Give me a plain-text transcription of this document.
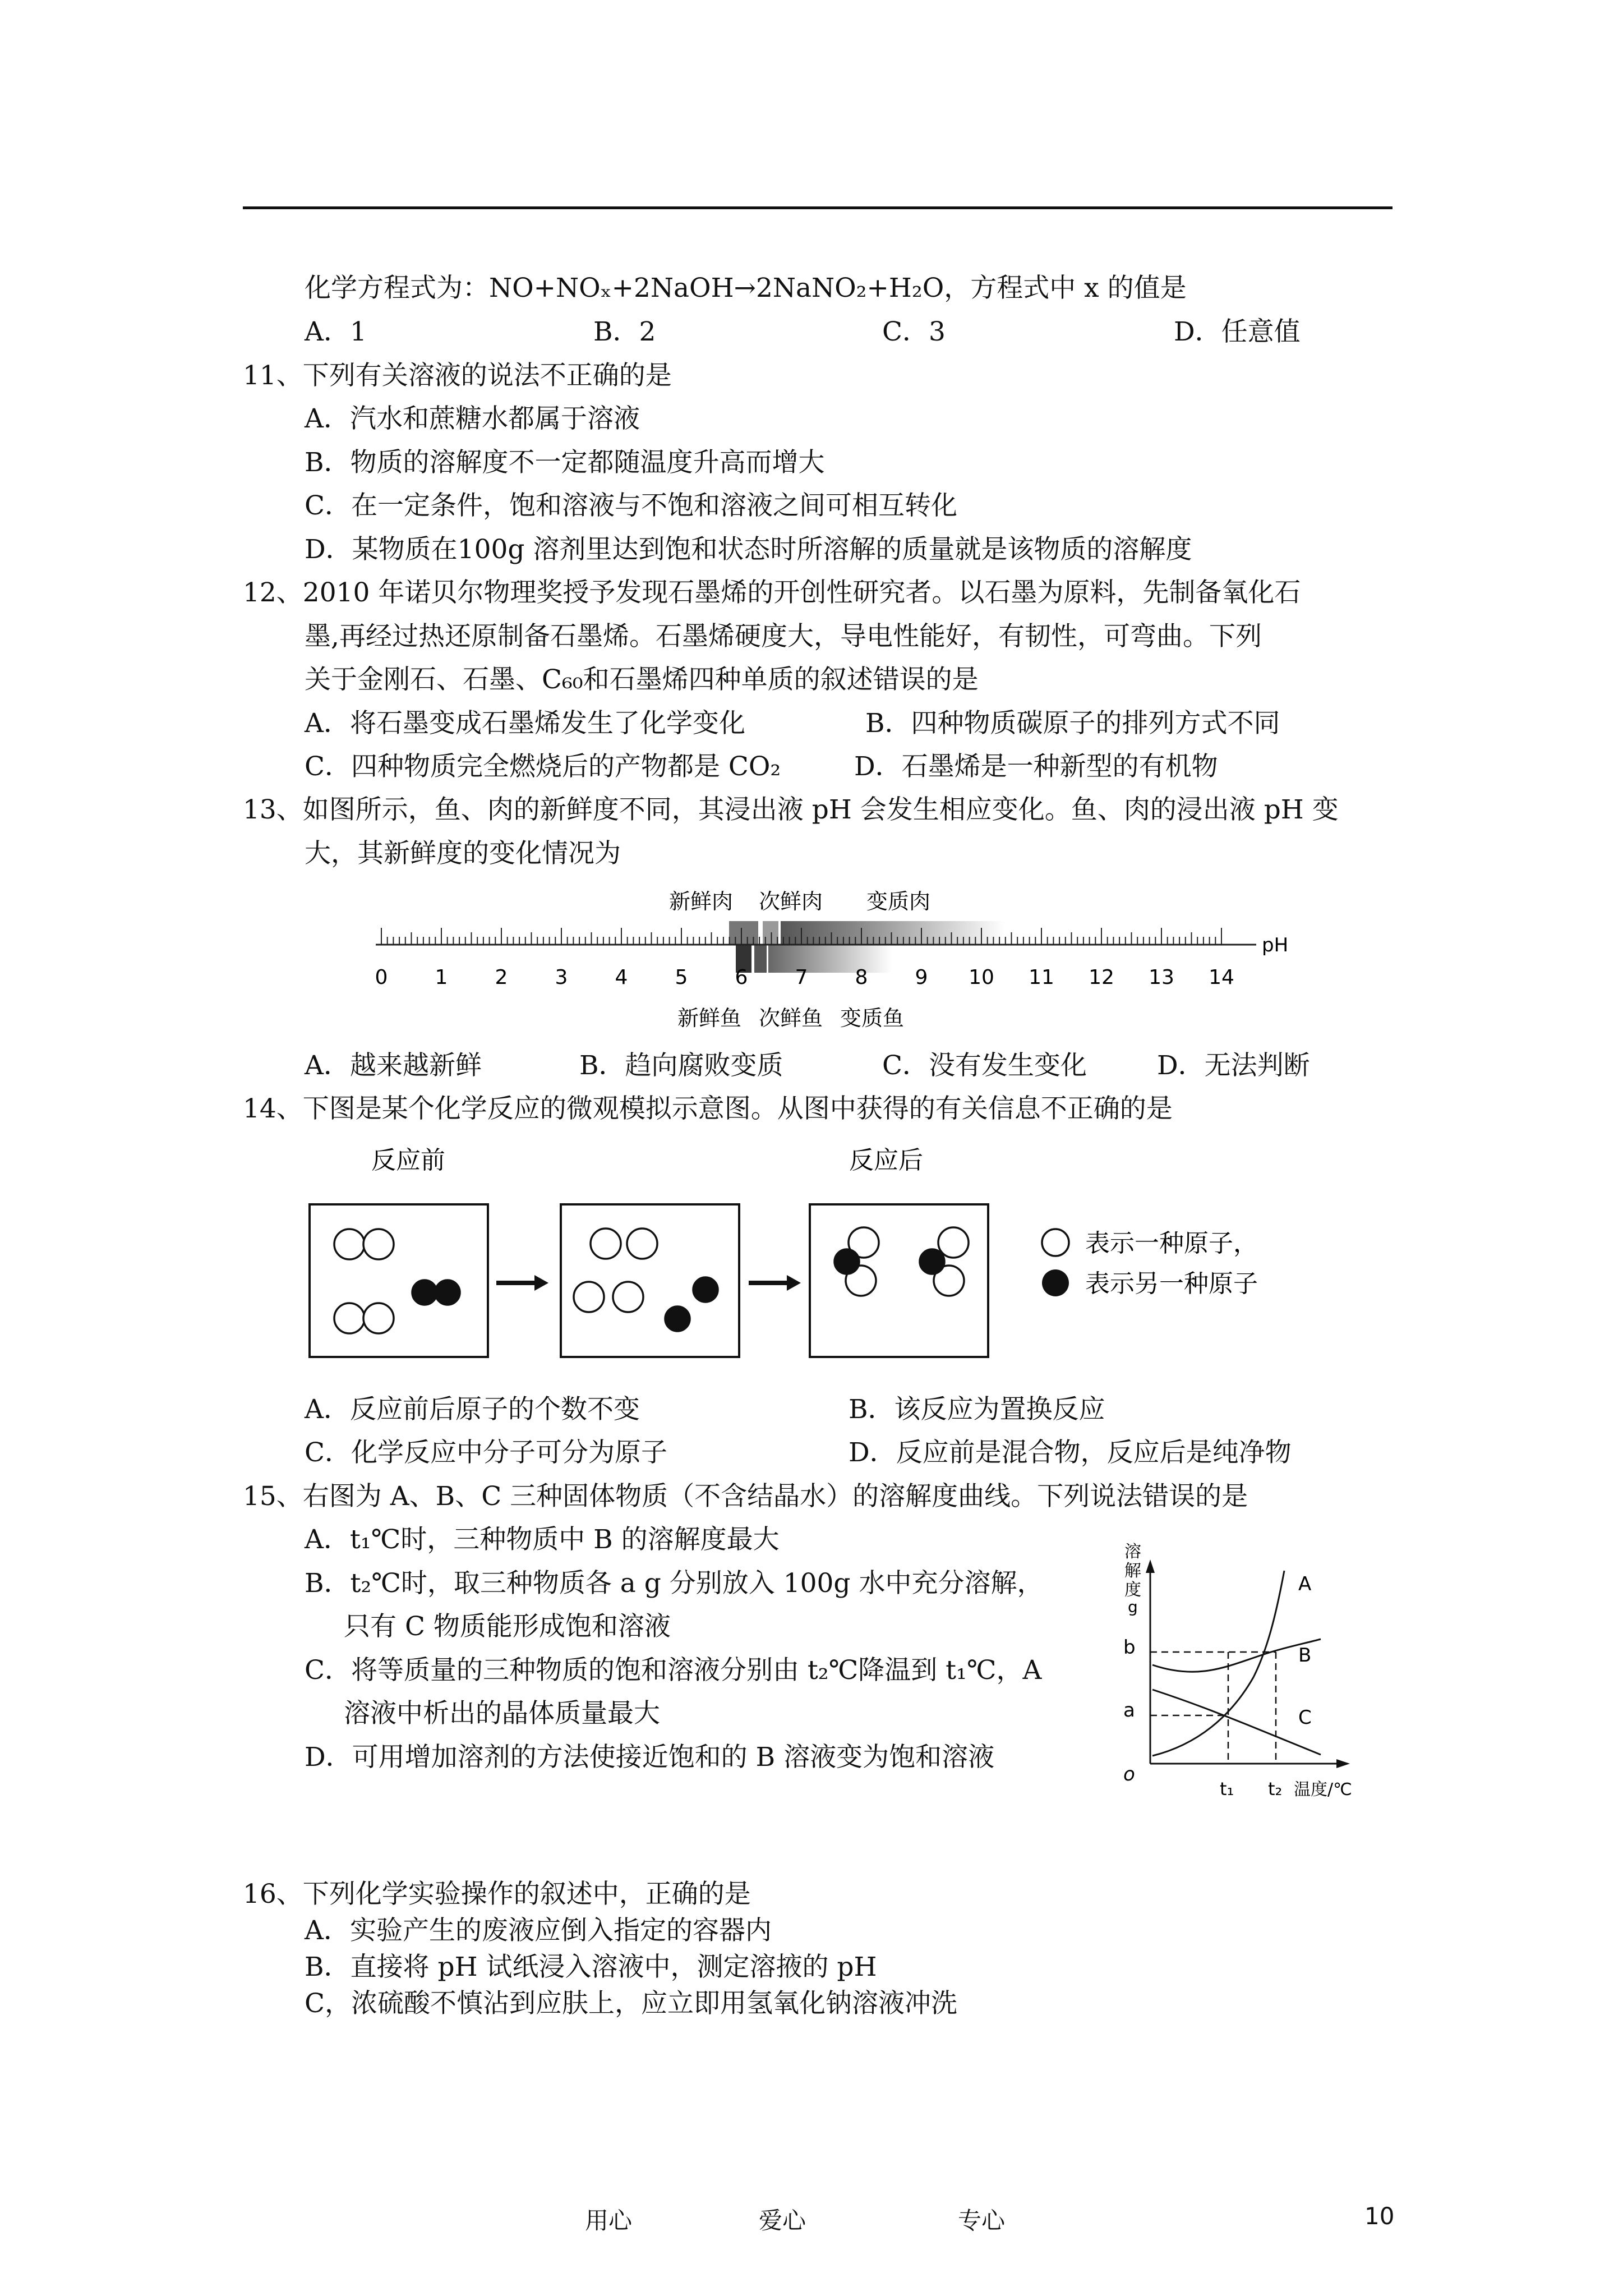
化学方程式为：NO+NOₓ+2NaOH→2NaNO₂+H₂O，方程式中 x 的值是
A．1	B．2	C．3	D．任意值
11、下列有关溶液的说法不正确的是
A．汽水和蔗糖水都属于溶液
B．物质的溶解度不一定都随温度升高而增大
C．在一定条件，饱和溶液与不饱和溶液之间可相互转化
D．某物质在100g 溶剂里达到饱和状态时所溶解的质量就是该物质的溶解度
12、2010 年诺贝尔物理奖授予发现石墨烯的开创性研究者。以石墨为原料，先制备氧化石
墨,再经过热还原制备石墨烯。石墨烯硬度大，导电性能好，有韧性，可弯曲。下列
关于金刚石、石墨、C₆₀和石墨烯四种单质的叙述错误的是
A．将石墨变成石墨烯发生了化学变化	B．四种物质碳原子的排列方式不同
C．四种物质完全燃烧后的产物都是 CO₂	D．石墨烯是一种新型的有机物
13、如图所示，鱼、肉的新鲜度不同，其浸出液 pH 会发生相应变化。鱼、肉的浸出液 pH 变
大，其新鲜度的变化情况为
新鲜肉 次鲜肉 变质肉
pH
0 1 2 3 4 5 6 7 8 9 10 11 12 13 14
新鲜鱼 次鲜鱼 变质鱼
A．越来越新鲜	B．趋向腐败变质	C．没有发生变化	D．无法判断
14、下图是某个化学反应的微观模拟示意图。从图中获得的有关信息不正确的是
反应前	反应后
表示一种原子，
表示另一种原子
A．反应前后原子的个数不变	B．该反应为置换反应
C．化学反应中分子可分为原子	D．反应前是混合物，反应后是纯净物
15、右图为 A、B、C 三种固体物质（不含结晶水）的溶解度曲线。下列说法错误的是
A．t₁℃时，三种物质中 B 的溶解度最大
B．t₂℃时，取三种物质各 a g 分别放入 100g 水中充分溶解，
只有 C 物质能形成饱和溶液
C．将等质量的三种物质的饱和溶液分别由 t₂℃降温到 t₁℃，A
溶液中析出的晶体质量最大
D．可用增加溶剂的方法使接近饱和的 B 溶液变为饱和溶液
溶
解
度
g
A
B
C
b
a
o
t₁ t₂ 温度/℃
16、下列化学实验操作的叙述中，正确的是
A．实验产生的废液应倒入指定的容器内
B．直接将 pH 试纸浸入溶液中，测定溶掖的 pH
C，浓硫酸不慎沾到应肤上，应立即用氢氧化钠溶液冲洗
用心	爱心	专心	10
